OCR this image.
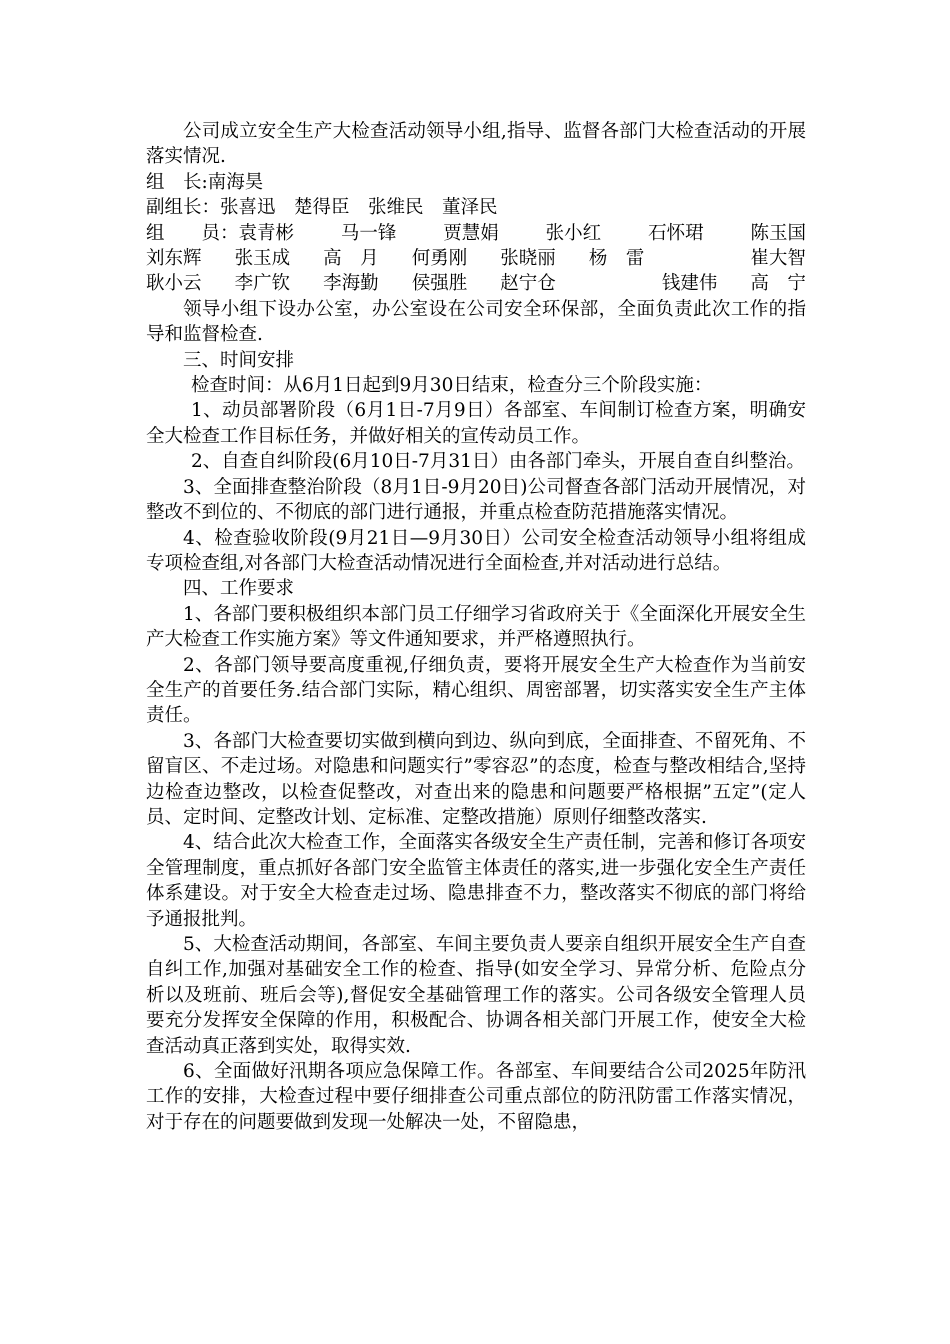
公司成立安全生产大检查活动领导小组,指导、监督各部门大检查活动的开展落实情况.

组　长:南海昊

副组长：张喜迅　楚得臣　张维民　董泽民

组　　员：袁青彬	马一锋	贾慧娟	张小红	石怀珺	陈玉国
刘东辉 张玉成 高　月 何勇刚 张晓丽 杨　雷	崔大智
耿小云 李广钦 李海勤 侯强胜 赵宁仓	钱建伟 高　宁

领导小组下设办公室，办公室设在公司安全环保部，全面负责此次工作的指导和监督检查.

三、时间安排

检查时间：从6月1日起到9月30日结束，检查分三个阶段实施：

1、动员部署阶段（6月1日-7月9日）各部室、车间制订检查方案，明确安全大检查工作目标任务，并做好相关的宣传动员工作。

2、自查自纠阶段(6月10日-7月31日）由各部门牵头，开展自查自纠整治。

3、全面排查整治阶段（8月1日-9月20日)公司督查各部门活动开展情况，对整改不到位的、不彻底的部门进行通报，并重点检查防范措施落实情况。

4、检查验收阶段(9月21日—9月30日）公司安全检查活动领导小组将组成专项检查组,对各部门大检查活动情况进行全面检查,并对活动进行总结。

四、工作要求

1、各部门要积极组织本部门员工仔细学习省政府关于《全面深化开展安全生产大检查工作实施方案》等文件通知要求，并严格遵照执行。

2、各部门领导要高度重视,仔细负责，要将开展安全生产大检查作为当前安全生产的首要任务.结合部门实际，精心组织、周密部署，切实落实安全生产主体责任。

3、各部门大检查要切实做到横向到边、纵向到底，全面排查、不留死角、不留盲区、不走过场。对隐患和问题实行”零容忍”的态度，检查与整改相结合,坚持边检查边整改，以检查促整改，对查出来的隐患和问题要严格根据”五定”(定人员、定时间、定整改计划、定标准、定整改措施）原则仔细整改落实.

4、结合此次大检查工作，全面落实各级安全生产责任制，完善和修订各项安全管理制度，重点抓好各部门安全监管主体责任的落实,进一步强化安全生产责任体系建设。对于安全大检查走过场、隐患排查不力，整改落实不彻底的部门将给予通报批判。

5、大检查活动期间，各部室、车间主要负责人要亲自组织开展安全生产自查自纠工作,加强对基础安全工作的检查、指导(如安全学习、异常分析、危险点分析以及班前、班后会等),督促安全基础管理工作的落实。公司各级安全管理人员要充分发挥安全保障的作用，积极配合、协调各相关部门开展工作，使安全大检查活动真正落到实处，取得实效.

6、全面做好汛期各项应急保障工作。各部室、车间要结合公司2025年防汛工作的安排，大检查过程中要仔细排查公司重点部位的防汛防雷工作落实情况，对于存在的问题要做到发现一处解决一处，不留隐患，
